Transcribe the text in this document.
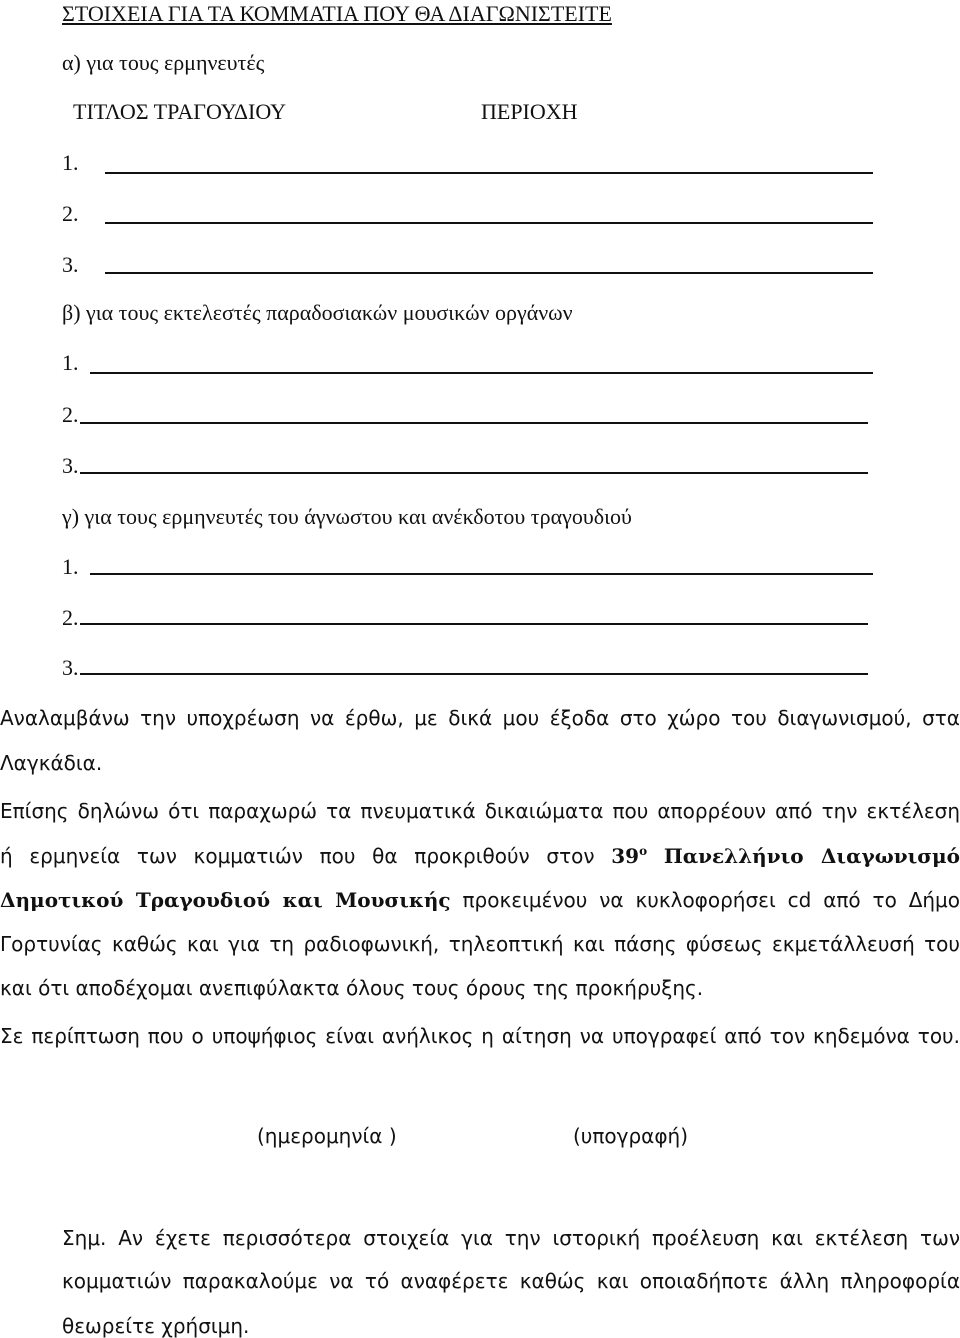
ΣΤΟΙΧΕΙΑ ΓΙΑ ΤΑ ΚΟΜΜΑΤΙΑ ΠΟΥ ΘΑ ΔΙΑΓΩΝΙΣΤΕΙΤΕ
α) για τους ερμηνευτές
ΤΙΤΛΟΣ ΤΡΑΓΟΥΔΙΟΥ	ΠΕΡΙΟΧΗ
1.
2.
3.
β) για τους εκτελεστές παραδοσιακών μουσικών οργάνων
1.
2.
3.
γ) για τους ερμηνευτές του άγνωστου και ανέκδοτου τραγουδιού
1.
2.
3.
Αναλαμβάνω την υποχρέωση να έρθω, με δικά μου έξοδα στο χώρο του διαγωνισμού, στα
Λαγκάδια.
Επίσης δηλώνω ότι παραχωρώ τα πνευματικά δικαιώματα που απορρέουν από την εκτέλεση
ή ερμηνεία των κομματιών που θα προκριθούν στον $39^o$ Πανελλήνιο Διαγωνισμό
Δημοτικού Τραγουδιού και Μουσικής προκειμένου να κυκλοφορήσει cd από το Δήμο
Γορτυνίας καθώς και για τη ραδιοφωνική, τηλεοπτική και πάσης φύσεως εκμετάλλευσή του
και ότι αποδέχομαι ανεπιφύλακτα όλους τους όρους της προκήρυξης.
Σε περίπτωση που ο υποψήφιος είναι ανήλικος η αίτηση να υπογραφεί από τον κηδεμόνα του.
(ημερομηνία )	(υπογραφή)
Σημ. Αν έχετε περισσότερα στοιχεία για την ιστορική προέλευση και εκτέλεση των
κομματιών παρακαλούμε να τό αναφέρετε καθώς και οποιαδήποτε άλλη πληροφορία
θεωρείτε χρήσιμη.
